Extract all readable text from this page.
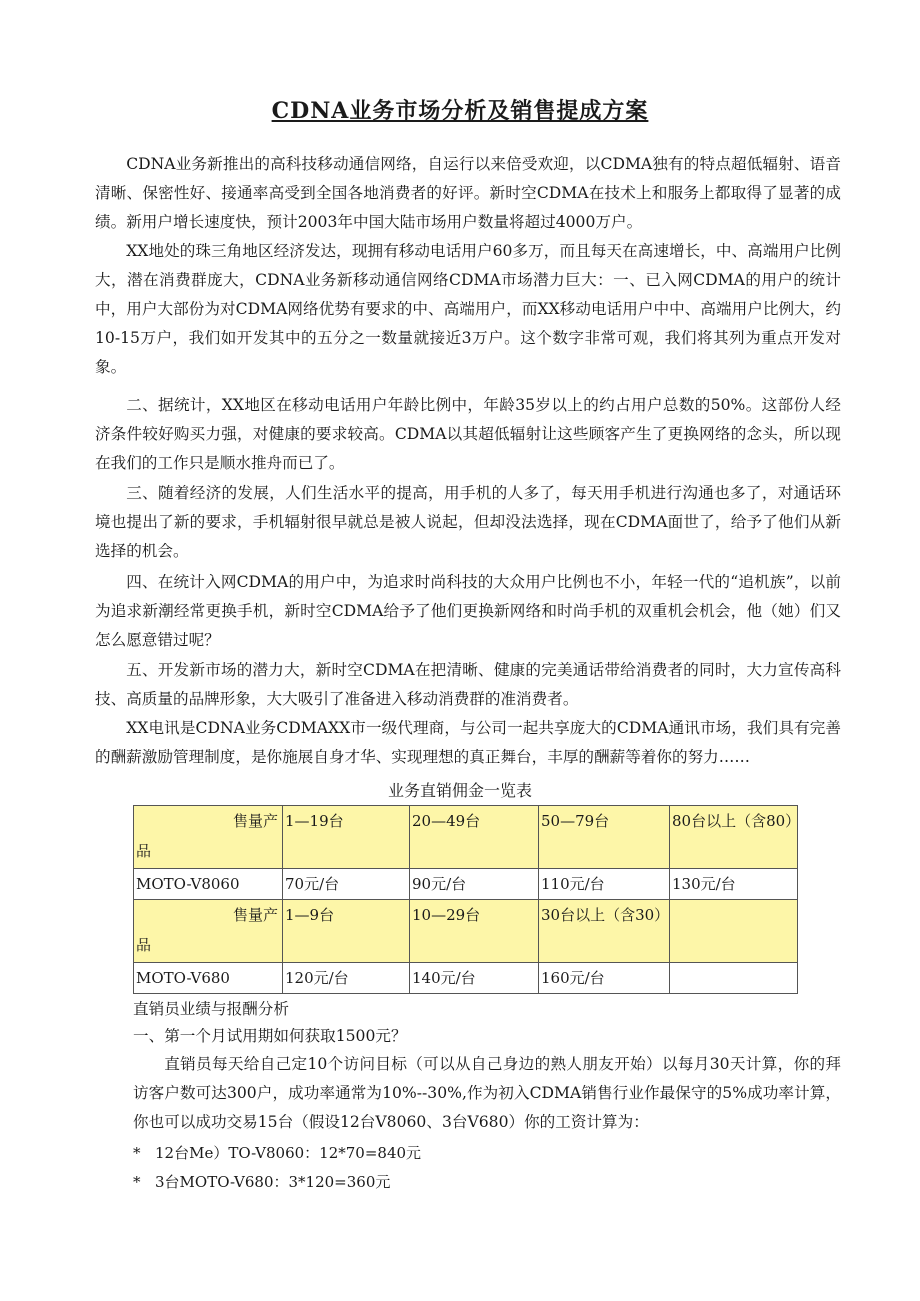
CDNA业务市场分析及销售提成方案

CDNA业务新推出的高科技移动通信网络，自运行以来倍受欢迎，以CDMA独有的特点超低辐射、语音清晰、保密性好、接通率高受到全国各地消费者的好评。新时空CDMA在技术上和服务上都取得了显著的成绩。新用户增长速度快，预计2003年中国大陆市场用户数量将超过4000万户。

XX地处的珠三角地区经济发达，现拥有移动电话用户60多万，而且每天在高速增长，中、高端用户比例大，潜在消费群庞大，CDNA业务新移动通信网络CDMA市场潜力巨大：一、已入网CDMA的用户的统计中，用户大部份为对CDMA网络优势有要求的中、高端用户，而XX移动电话用户中中、高端用户比例大，约10-15万户，我们如开发其中的五分之一数量就接近3万户。这个数字非常可观，我们将其列为重点开发对象。

二、据统计，XX地区在移动电话用户年龄比例中，年龄35岁以上的约占用户总数的50%。这部份人经济条件较好购买力强，对健康的要求较高。CDMA以其超低辐射让这些顾客产生了更换网络的念头，所以现在我们的工作只是顺水推舟而已了。

三、随着经济的发展，人们生活水平的提高，用手机的人多了，每天用手机进行沟通也多了，对通话环境也提出了新的要求，手机辐射很早就总是被人说起，但却没法选择，现在CDMA面世了，给予了他们从新选择的机会。

四、在统计入网CDMA的用户中，为追求时尚科技的大众用户比例也不小，年轻一代的“追机族”，以前为追求新潮经常更换手机，新时空CDMA给予了他们更换新网络和时尚手机的双重机会机会，他（她）们又怎么愿意错过呢？

五、开发新市场的潜力大，新时空CDMA在把清晰、健康的完美通话带给消费者的同时，大力宣传高科技、高质量的品牌形象，大大吸引了准备进入移动消费群的准消费者。

XX电讯是CDNA业务CDMAXX市一级代理商，与公司一起共享庞大的CDMA通讯市场，我们具有完善的酬薪激励管理制度，是你施展自身才华、实现理想的真正舞台，丰厚的酬薪等着你的努力……

业务直销佣金一览表
售量产
品	1—19台	20—49台	50—79台	80台以上（含80）
MOTO-V8060	70元/台	90元/台	110元/台	130元/台

售量产
品	1—9台	10—29台	30台以上（含30）	
MOTO-V680	120元/台	140元/台	160元/台	
直销员业绩与报酬分析
一、第一个月试用期如何获取1500元？

直销员每天给自己定10个访问目标（可以从自己身边的熟人朋友开始）以每月30天计算，你的拜访客户数可达300户，成功率通常为10%--30%,作为初入CDMA销售行业作最保守的5%成功率计算，你也可以成功交易15台（假设12台V8060、3台V680）你的工资计算为：

* 12台Me）TO-V8060：12*70=840元
* 3台MOTO-V680：3*120=360元
